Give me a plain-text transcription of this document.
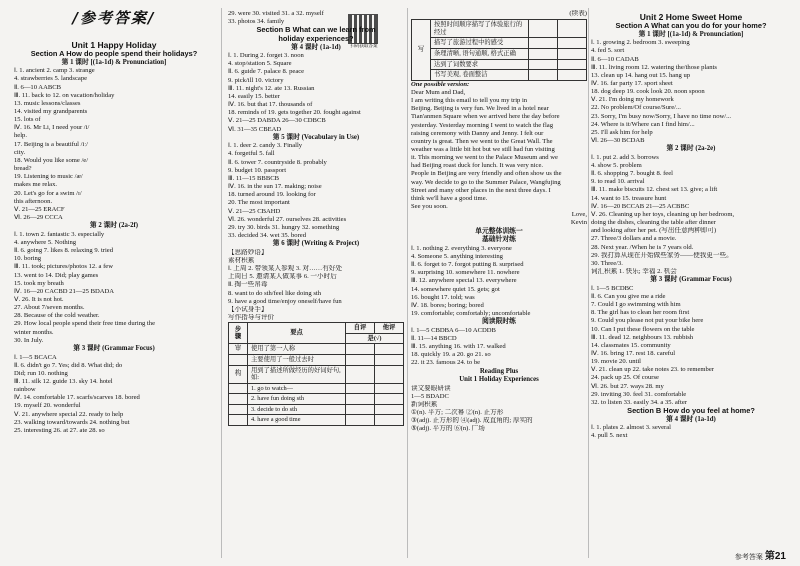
/参考答案/
Unit 1 Happy Holiday
Section A How do people spend their holidays?
第 1 课时 [(1a-1d) & Pronunciation]
Ⅰ. 1. ancient 2. camp 3. strange
4. strawberries 5. landscape
Ⅱ. 6—10 AABCB
Ⅲ. 11. back to 12. on vacation/holiday
13. music lessons/classes
14. visited my grandparents
15. lots of
Ⅳ. 16. Mr Li, I need your /i/
help.
17. Beijing is a beautiful /iː/
city.
18. Would you like some /e/
bread?
19. Listening to music /æ/
makes me relax.
20. Let's go for a swim /ɪ/
this afternoon.
Ⅴ. 21—25 ERACF
Ⅵ. 26—29 CCCA
第 2 课时 (2a-2f)
Ⅰ. 1. town 2. fantastic 3. especially
4. anywhere 5. Nothing
Ⅱ. 6. going 7. likes 8. relaxing 9. tried
10. boring
Ⅲ. 11. took; pictures/photos 12. a few
13. went to 14. Did; play games
15. took my breath
Ⅳ. 16—20 CACBD 21—25 BDADA
Ⅴ. 26. It is not hot.
27. About 7/seven months.
28. Because of the cold weather.
29. How local people spend their free time during the
winter months.
30. In July.
第 3 课时 (Grammar Focus)
Ⅰ. 1—5 BCACA
Ⅱ. 6. didn't go 7. Yes; did 8. What did; do
Did; run 10. nothing
Ⅲ. 11. silk 12. guide 13. sky 14. hotel
rainbow
Ⅳ. 14. comfortable 17. scarfs/scarves 18. bored
19. myself 20. wonderful
Ⅴ. 21. anywhere special 22. ready to help
23. walking toward/towards 24. nothing but
25. interesting 26. at 27. ate 28. so
扫码获取答案
29. were 30. visited 31. a 32. myself
33. photos 34. family
Section B What can we learn from
holiday experiences?
第 4 课时 (1a-1d)
Ⅰ. 1. During 2. forget 3. noon
4. stop/station 5. Square
Ⅱ. 6. guide 7. palace 8. peace
9. pick/ill 10. victory
Ⅲ. 11. night's 12. ate 13. Russian
14. easily 15. better
Ⅳ. 16. but that 17. thousands of
18. reminds of 19. gets together 20. fought against
Ⅴ. 21—25 DABDA 26—30 CDBCB
Ⅵ. 31—35 CBEAD
第 5 课时 (Vocabulary in Use)
Ⅰ. 1. deer 2. candy 3. Finally
4. forgetful 5. fall
Ⅱ. 6. tower 7. countryside 8. probably
9. budget 10. passport
Ⅲ. 11—15 BBBCB
Ⅳ. 16. in the sun 17. making; noise
18. turned around 19. looking for
20. The most important
Ⅴ. 21—25 CBAHD
Ⅵ. 26. wonderful 27. ourselves 28. activities
29. try 30. birds 31. hungry 32. something
33. decided 34. wet 35. bored
第 6 课时 (Writing & Project)
【思路妙语】
素材积累
Ⅰ. 上周 2. 带领某人参观 3. 对……有好处
上周日 5. 邀请某人做某事 6. 一小时后
Ⅱ. 掏一些帛毒
8. want to do sth/feel like doing sth
9. have a good time/enjoy oneself/have fun
【小试身手】
写作指导与评价
步骤	要点	自评	他评
		是(√)	
审	使用了第一人称		
	主要使用了一般过去时		
构	用到了描述所做经历的好词好句, 如:		
	1. go to watch—		
	2. have fun doing sth		
	3. decide to do sth		
	4. have a good time		
(续表)
写	按照时间顺序描写了体验旅行的经过		
	描写了旅游过程中的感受		
	条理清晰, 语句通顺, 格式正确		
	达到了词数要求		
	书写美观, 卷面整洁		
One possible version:
Dear Mum and Dad,
I am writing this email to tell you my trip in
Beijing. Beijing is very fun. We lived in a hotel near
Tian'anmen Square when we arrived here the day before
yesterday. Yesterday morning I went to watch the flag
raising ceremony with Danny and Jenny. I felt our
country is great. Then we went to the Great Wall. The
weather was a little bit hot but we still had fun visiting
it. This morning we went to the Palace Museum and we
had Beijing roast duck for lunch. It was very nice.
People in Beijing are very friendly and often show us the
way. We decide to go to the Summer Palace, Wangfujing
Street and many other places in the next three days. I
think we'll have a good time.
See you soon.
Love,
Kevin
单元整体训练一
基础针对练
Ⅰ. 1. nothing 2. everything 3. everyone
4. Someone 5. anything interesting
Ⅱ. 6. forget to 7. forgot putting 8. surprised
9. surprising 10. somewhere 11. nowhere
Ⅲ. 12. anywhere special 13. everywhere
14. somewhere quiet 15. gets; got
16. bought 17. told; was
Ⅳ. 18. bores; boring; bored
19. comfortable; comfortably; uncomfortable
阅读限时练
Ⅰ. 1—5 CBDBA 6—10 ACDDB
Ⅱ. 11—14 BBCD
Ⅲ. 15. anything 16. with 17. walked
18. quickly 19. a 20. go 21. so
22. it 23. famous 24. to be
Reading Plus
Unit 1 Holiday Experiences
读文要眼研读
1—5 BDADC
新词积累
①(n). 平方; 二次幂 ②(n). 正方形
③(adj). 正方形的 ④(adj). 成直角的; 厚实的
⑤(adj). 平方的 ⑥(n). 广场
Unit 2 Home Sweet Home
Section A What can you do for your home?
第 1 课时 [(1a-1d) & Pronunciation]
Ⅰ. 1. growing 2. bedroom 3. sweeping
4. fed 5. sort
Ⅱ. 6—10 CADAB
Ⅲ. 11. living room 12. watering the/those plants
13. clean up 14. hang out 15. hang up
Ⅳ. 16. far party 17. sport sheet
18. dog deep 19. cook look 20. noon spoon
Ⅴ. 21. I'm doing my homework
22. No problem/Of course/Sure/...
23. Sorry, I'm busy now/Sorry, I have no time now/...
24. Where is it/Where can I find him/...
25. I'll ask him for help
Ⅵ. 26—30 BCDAB
第 2 课时 (2a-2e)
Ⅰ. 1. put 2. add 3. borrows
4. show 5. problem
Ⅱ. 6. shopping 7. bought 8. feel
9. to read 10. arrival
Ⅲ. 11. make biscuits 12. chest set 13. give; a lift
14. want to 15. treasure hunt
Ⅳ. 16—20 BCCAB 21—25 ACBBC
Ⅴ. 26. Cleaning up her toys, cleaning up her bedroom,
doing the dishes, cleaning the table after dinner
and looking after her pet. (写出任意两种即可)
27. Three/3 dollars and a movie.
28. Next year. /When he is 7 years old.
29. 我打算从现在开始做些家务——使我更一些。
30. Three/3.
词汇积累 1. 快乐; 幸福 2. 机会
第 3 课时 (Grammar Focus)
Ⅰ. 1—5 BCDBC
Ⅱ. 6. Can you give me a ride
7. Could I go swimming with him
8. The girl has to clean her room first
9. Could you please not put your bike here
10. Can I put these flowers on the table
Ⅲ. 11. dead 12. neighbours 13. rubbish
14. classmates 15. community
Ⅳ. 16. bring 17. rest 18. careful
19. movie 20. until
Ⅴ. 21. clean up 22. take notes 23. to remember
24. pack up 25. Of course
Ⅵ. 26. but 27. ways 28. my
29. inviting 30. feel 31. comfortable
32. to listen 33. easily 34. a 35. after
Section B How do you feel at home?
第 4 课时 (1a-1d)
Ⅰ. 1. plates 2. almost 3. several
4. pull 5. next
参考答案 第21
